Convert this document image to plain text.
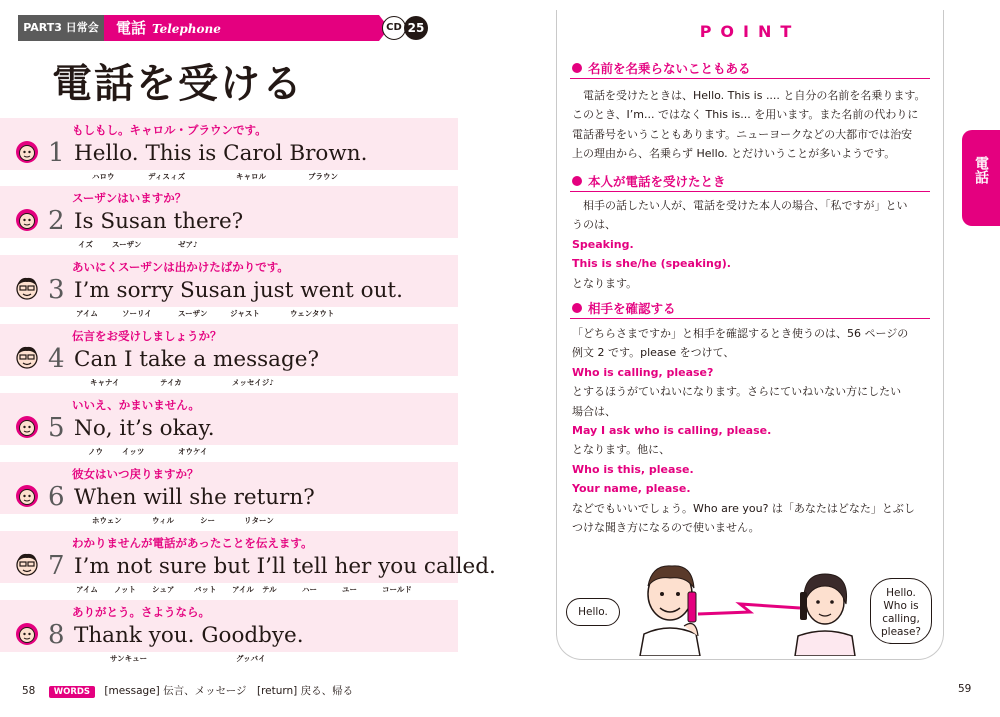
PART3 日常会話
電話 Telephone	CD 25
電話を受ける
もしもし。キャロル・ブラウンです。
1 Hello. This is Carol Brown.
ハロウ	ディスィズ	キャロル	ブラウン
スーザンはいますか？
2 Is Susan there?
イズ	スーザン	ゼア♪
あいにくスーザンは出かけたばかりです。
3 I’m sorry Susan just went out.
アイム	ソーリイ	スーザン	ジャスト	ウェンタウト
伝言をお受けしましょうか？
4 Can I take a message?
キャナイ	テイカ	メッセイジ♪
いいえ、かまいません。
5 No, it’s okay.
ノウ	イッツ	オウケイ
彼女はいつ戻りますか？
6 When will she return?
ホウェン	ウィル	シー	リターン
わかりませんが電話があったことを伝えます。
7 I’m not sure but I’ll tell her you called.
アイム ノット シュア	バット アイル テル	ハー	ユー	コールド
ありがとう。さようなら。
8 Thank you. Goodbye.
サンキュー	グッバイ
58 WORDS [message] 伝言、メッセージ　[return] 戻る、帰る	59
POINT
名前を名乗らないこともある
　電話を受けたときは、Hello. This is .... と自分の名前を名乗ります。
このとき、I’m... ではなく This is... を用います。また名前の代わりに
電話番号をいうこともあります。ニューヨークなどの大都市では治安
上の理由から、名乗らず Hello. とだけいうことが多いようです。
本人が電話を受けたとき
　相手の話したい人が、電話を受けた本人の場合、「私ですが」とい
うのは、
Speaking.
This is she/he (speaking).
となります。
相手を確認する
「どちらさまですか」と相手を確認するとき使うのは、56 ページの
例文 2 です。please をつけて、
Who is calling, please?
とするほうがていねいになります。さらにていねいない方にしたい
場合は、
May I ask who is calling, please.
となります。他に、
Who is this, please.
Your name, please.
などでもいいでしょう。Who are you? は「あなたはどなた」とぶし
つけな聞き方になるので使いません。
電話
Hello.
Hello. Who is calling, please?
